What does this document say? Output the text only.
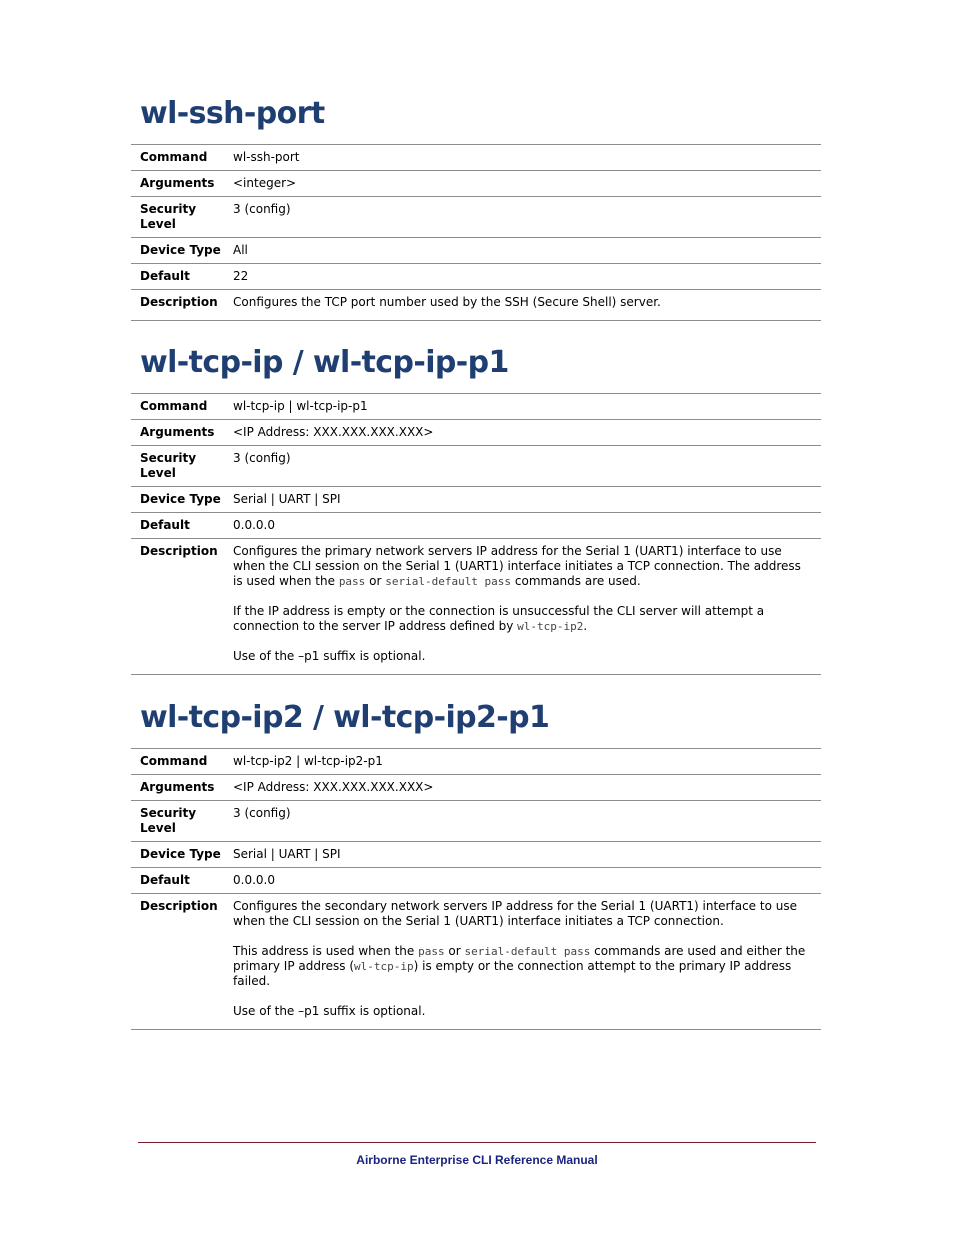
wl-ssh-port
Command	wl-ssh-port
Arguments	<integer>
Security Level	3 (config)
Device Type	All
Default	22
Description	Configures the TCP port number used by the SSH (Secure Shell) server.
wl-tcp-ip / wl-tcp-ip-p1
Command	wl-tcp-ip | wl-tcp-ip-p1
Arguments	<IP Address: XXX.XXX.XXX.XXX>
Security Level	3 (config)
Device Type	Serial | UART | SPI
Default	0.0.0.0
Description	Configures the primary network servers IP address for the Serial 1 (UART1) interface to use when the CLI session on the Serial 1 (UART1) interface initiates a TCP connection. The address is used when the pass or serial-default pass commands are used.
If the IP address is empty or the connection is unsuccessful the CLI server will attempt a connection to the server IP address defined by wl-tcp-ip2.
Use of the –p1 suffix is optional.
wl-tcp-ip2 / wl-tcp-ip2-p1
Command	wl-tcp-ip2 | wl-tcp-ip2-p1
Arguments	<IP Address: XXX.XXX.XXX.XXX>
Security Level	3 (config)
Device Type	Serial | UART | SPI
Default	0.0.0.0
Description	Configures the secondary network servers IP address for the Serial 1 (UART1) interface to use when the CLI session on the Serial 1 (UART1) interface initiates a TCP connection.
This address is used when the pass or serial-default pass commands are used and either the primary IP address (wl-tcp-ip) is empty or the connection attempt to the primary IP address failed.
Use of the –p1 suffix is optional.
Airborne Enterprise CLI Reference Manual
